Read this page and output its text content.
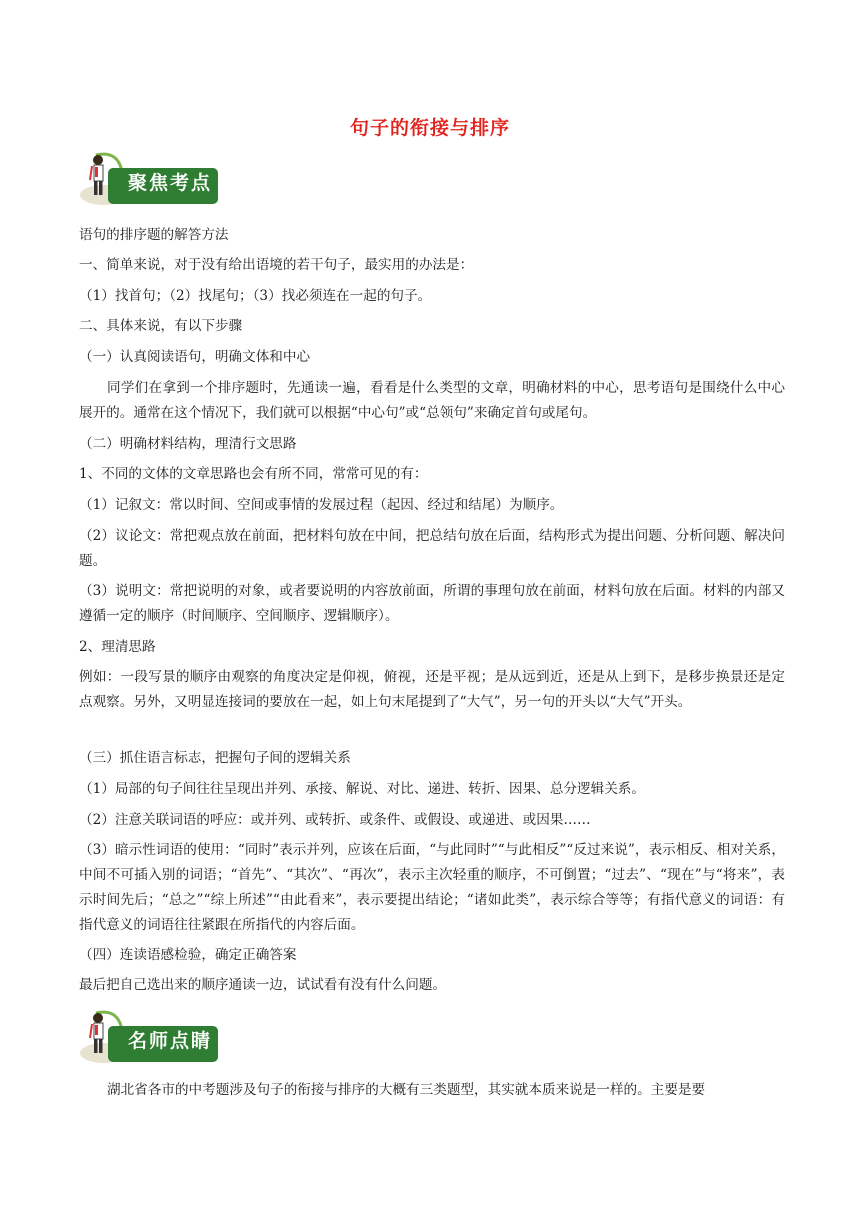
句子的衔接与排序
聚焦考点
语句的排序题的解答方法
一、简单来说，对于没有给出语境的若干句子，最实用的办法是：
（1）找首句；（2）找尾句；（3）找必须连在一起的句子。
二、具体来说，有以下步骤
（一）认真阅读语句，明确文体和中心
同学们在拿到一个排序题时，先通读一遍，看看是什么类型的文章，明确材料的中心，思考语句是围绕什么中心展开的。通常在这个情况下，我们就可以根据“中心句”或“总领句”来确定首句或尾句。
（二）明确材料结构，理清行文思路
1、不同的文体的文章思路也会有所不同，常常可见的有：
（1）记叙文：常以时间、空间或事情的发展过程（起因、经过和结尾）为顺序。
（2）议论文：常把观点放在前面，把材料句放在中间，把总结句放在后面，结构形式为提出问题、分析问题、解决问题。
（3）说明文：常把说明的对象，或者要说明的内容放前面，所谓的事理句放在前面，材料句放在后面。材料的内部又遵循一定的顺序（时间顺序、空间顺序、逻辑顺序）。
2、理清思路
例如：一段写景的顺序由观察的角度决定是仰视，俯视，还是平视；是从远到近，还是从上到下，是移步换景还是定点观察。另外，又明显连接词的要放在一起，如上句末尾提到了“大气”，另一句的开头以“大气”开头。
（三）抓住语言标志，把握句子间的逻辑关系
（1）局部的句子间往往呈现出并列、承接、解说、对比、递进、转折、因果、总分逻辑关系。
（2）注意关联词语的呼应：或并列、或转折、或条件、或假设、或递进、或因果……
（3）暗示性词语的使用：“同时”表示并列，应该在后面，“与此同时”“与此相反”“反过来说”，表示相反、相对关系，中间不可插入别的词语；“首先”、“其次”、“再次”，表示主次轻重的顺序，不可倒置；“过去”、“现在”与“将来”，表示时间先后；“总之”“综上所述”“由此看来”，表示要提出结论；“诸如此类”，表示综合等等；有指代意义的词语：有指代意义的词语往往紧跟在所指代的内容后面。
（四）连读语感检验，确定正确答案
最后把自己选出来的顺序通读一边，试试看有没有什么问题。
名师点睛
湖北省各市的中考题涉及句子的衔接与排序的大概有三类题型，其实就本质来说是一样的。主要是要
